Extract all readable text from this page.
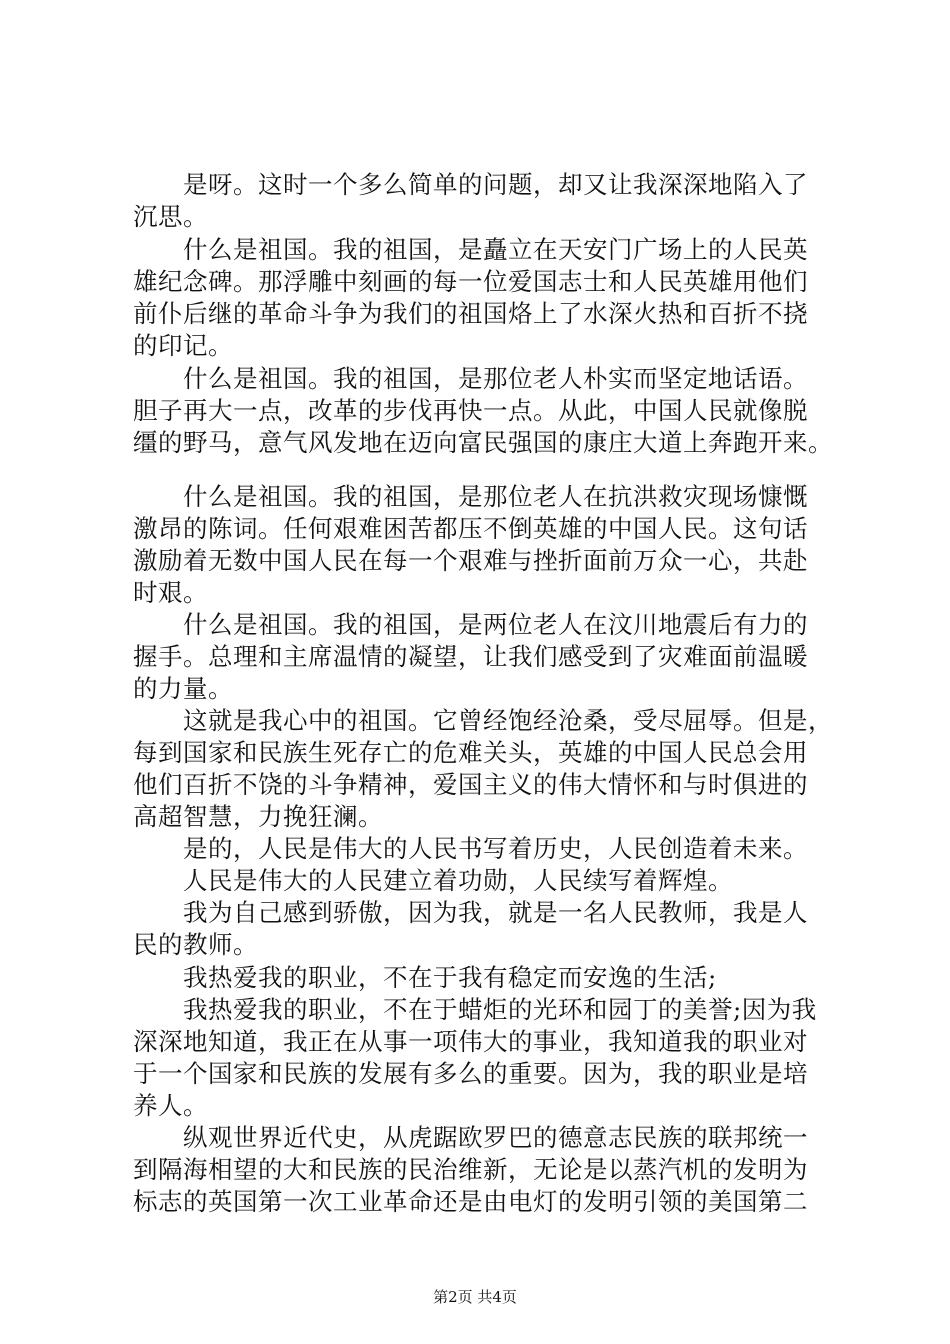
是呀。这时一个多么简单的问题，却又让我深深地陷入了
沉思。
什么是祖国。我的祖国，是矗立在天安门广场上的人民英
雄纪念碑。那浮雕中刻画的每一位爱国志士和人民英雄用他们
前仆后继的革命斗争为我们的祖国烙上了水深火热和百折不挠
的印记。
什么是祖国。我的祖国，是那位老人朴实而坚定地话语。
胆子再大一点，改革的步伐再快一点。从此，中国人民就像脱
缰的野马，意气风发地在迈向富民强国的康庄大道上奔跑开来。
什么是祖国。我的祖国，是那位老人在抗洪救灾现场慷慨
激昂的陈词。任何艰难困苦都压不倒英雄的中国人民。这句话
激励着无数中国人民在每一个艰难与挫折面前万众一心，共赴
时艰。
什么是祖国。我的祖国，是两位老人在汶川地震后有力的
握手。总理和主席温情的凝望，让我们感受到了灾难面前温暖
的力量。
这就是我心中的祖国。它曾经饱经沧桑，受尽屈辱。但是，
每到国家和民族生死存亡的危难关头，英雄的中国人民总会用
他们百折不饶的斗争精神，爱国主义的伟大情怀和与时俱进的
高超智慧，力挽狂澜。
是的，人民是伟大的人民书写着历史，人民创造着未来。
人民是伟大的人民建立着功勋，人民续写着辉煌。
我为自己感到骄傲，因为我，就是一名人民教师，我是人
民的教师。
我热爱我的职业，不在于我有稳定而安逸的生活;
我热爱我的职业，不在于蜡炬的光环和园丁的美誉;因为我
深深地知道，我正在从事一项伟大的事业，我知道我的职业对
于一个国家和民族的发展有多么的重要。因为，我的职业是培
养人。
纵观世界近代史，从虎踞欧罗巴的德意志民族的联邦统一
到隔海相望的大和民族的民治维新，无论是以蒸汽机的发明为
标志的英国第一次工业革命还是由电灯的发明引领的美国第二
第2页 共4页
